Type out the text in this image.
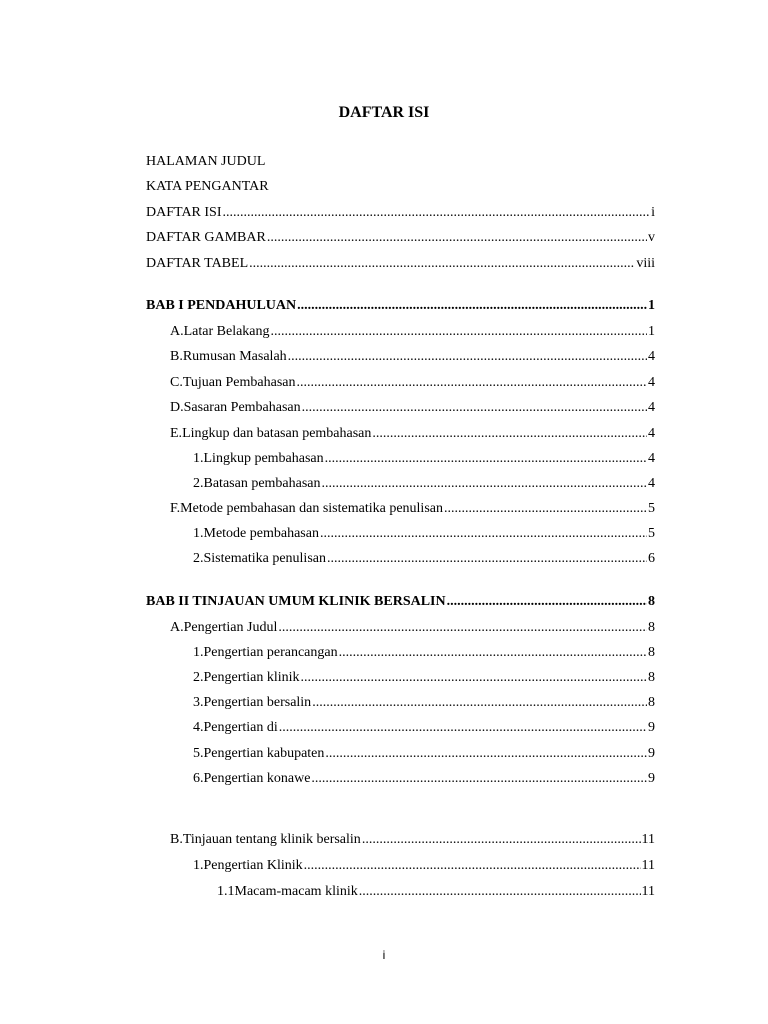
DAFTAR ISI
HALAMAN JUDUL
KATA PENGANTAR
DAFTAR ISI .....	i
DAFTAR GAMBAR .....	v
DAFTAR TABEL .....	viii
BAB I PENDAHULUAN .....	1
A. Latar Belakang .....	1
B. Rumusan Masalah .....	4
C. Tujuan Pembahasan .....	4
D. Sasaran Pembahasan .....	4
E. Lingkup dan batasan pembahasan .....	4
1. Lingkup pembahasan .....	4
2. Batasan pembahasan .....	4
F. Metode pembahasan dan sistematika penulisan .....	5
1. Metode pembahasan .....	5
2. Sistematika penulisan .....	6
BAB II TINJAUAN UMUM KLINIK BERSALIN .....	8
A. Pengertian Judul .....	8
1. Pengertian perancangan .....	8
2. Pengertian klinik .....	8
3. Pengertian bersalin .....	8
4. Pengertian di .....	9
5. Pengertian kabupaten .....	9
6. Pengertian konawe .....	9
B. Tinjauan tentang klinik bersalin .....	11
1. Pengertian Klinik .....	11
1.1 Macam-macam klinik .....	11
i
